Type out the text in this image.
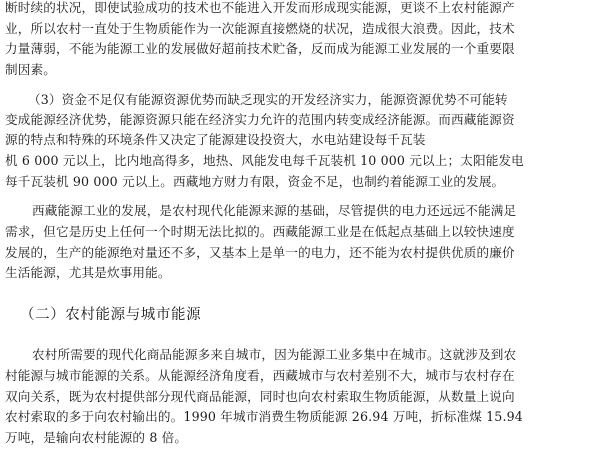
断时续的状况，即使试验成功的技术也不能进入开发而形成现实能源，更谈不上农村能源产
业，所以农村一直处于生物质能作为一次能源直接燃烧的状况，造成很大浪费。因此，技术
力量薄弱，不能为能源工业的发展做好超前技术贮备，反而成为能源工业发展的一个重要限
制因素。
（3）资金不足仅有能源资源优势而缺乏现实的开发经济实力，能源资源优势不可能转
变成能源经济优势，能源资源只能在经济实力允许的范围内转变成经济能源。而西藏能源资
源的特点和特殊的环境条件又决定了能源建设投资大，水电站建设每千瓦装
机 6 000 元以上，比内地高得多，地热、风能发电每千瓦装机 10 000 元以上；太阳能发电
每千瓦装机 90 000 元以上。西藏地方财力有限，资金不足，也制约着能源工业的发展。
西藏能源工业的发展，是农村现代化能源来源的基础，尽管提供的电力还远远不能满足
需求，但它是历史上任何一个时期无法比拟的。西藏能源工业是在低起点基础上以较快速度
发展的，生产的能源绝对量还不多，又基本上是单一的电力，还不能为农村提供优质的廉价
生活能源，尤其是炊事用能。
（二）农村能源与城市能源
农村所需要的现代化商品能源多来自城市，因为能源工业多集中在城市。这就涉及到农
村能源与城市能源的关系。从能源经济角度看，西藏城市与农村差别不大，城市与农村存在
双向关系，既为农村提供部分现代商品能源，同时也向农村索取生物质能源，从数量上说向
农村索取的多于向农村输出的。1990 年城市消费生物质能源 26.94 万吨，折标准煤 15.94
万吨，是输向农村能源的 8 倍。
